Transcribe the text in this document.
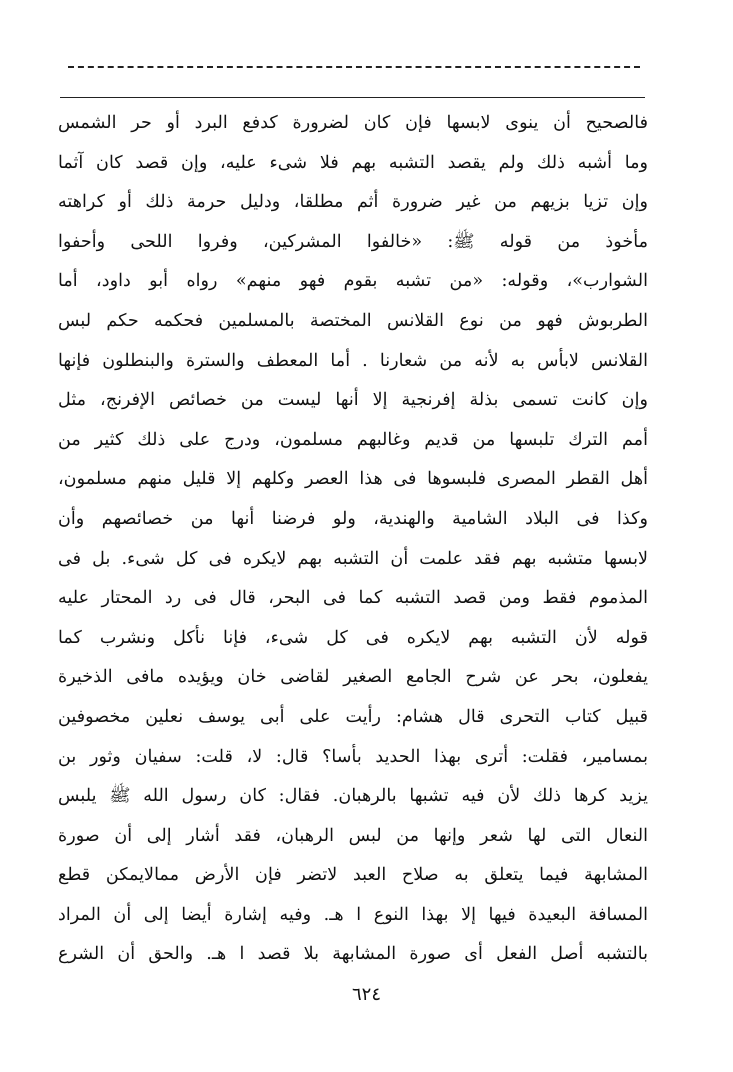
فالصحيح أن ينوى لابسها فإن كان لضرورة كدفع البرد أو حر الشمس
وما أشبه ذلك ولم يقصد التشبه بهم فلا شىء عليه، وإن قصد كان آثما
وإن تزيا بزيهم من غير ضرورة أثم مطلقا، ودليل حرمة ذلك أو كراهته
مأخوذ من قوله ﷺ: «خالفوا المشركين، وفروا اللحى وأحفوا
الشوارب»، وقوله: «من تشبه بقوم فهو منهم» رواه أبو داود، أما
الطربوش فهو من نوع القلانس المختصة بالمسلمين فحكمه حكم لبس
القلانس لابأس به لأنه من شعارنا . أما المعطف والسترة والبنطلون فإنها
وإن كانت تسمى بذلة إفرنجية إلا أنها ليست من خصائص الإفرنج، مثل
أمم الترك تلبسها من قديم وغالبهم مسلمون، ودرج على ذلك كثير من
أهل القطر المصرى فلبسوها فى هذا العصر وكلهم إلا قليل منهم مسلمون،
وكذا فى البلاد الشامية والهندية، ولو فرضنا أنها من خصائصهم وأن
لابسها متشبه بهم فقد علمت أن التشبه بهم لايكره فى كل شىء. بل فى
المذموم فقط ومن قصد التشبه كما فى البحر، قال فى رد المحتار عليه
قوله لأن التشبه بهم لايكره فى كل شىء، فإنا نأكل ونشرب كما
يفعلون، بحر عن شرح الجامع الصغير لقاضى خان ويؤيده مافى الذخيرة
قبيل كتاب التحرى قال هشام: رأيت على أبى يوسف نعلين مخصوفين
بمسامير، فقلت: أترى بهذا الحديد بأسا؟ قال: لا، قلت: سفيان وثور بن
يزيد كرها ذلك لأن فيه تشبها بالرهبان. فقال: كان رسول الله ﷺ يلبس
النعال التى لها شعر وإنها من لبس الرهبان، فقد أشار إلى أن صورة
المشابهة فيما يتعلق به صلاح العبد لاتضر فإن الأرض ممالايمكن قطع
المسافة البعيدة فيها إلا بهذا النوع ا هـ. وفيه إشارة أيضا إلى أن المراد
بالتشبه أصل الفعل أى صورة المشابهة بلا قصد ا هـ. والحق أن الشرع
٦٢٤
